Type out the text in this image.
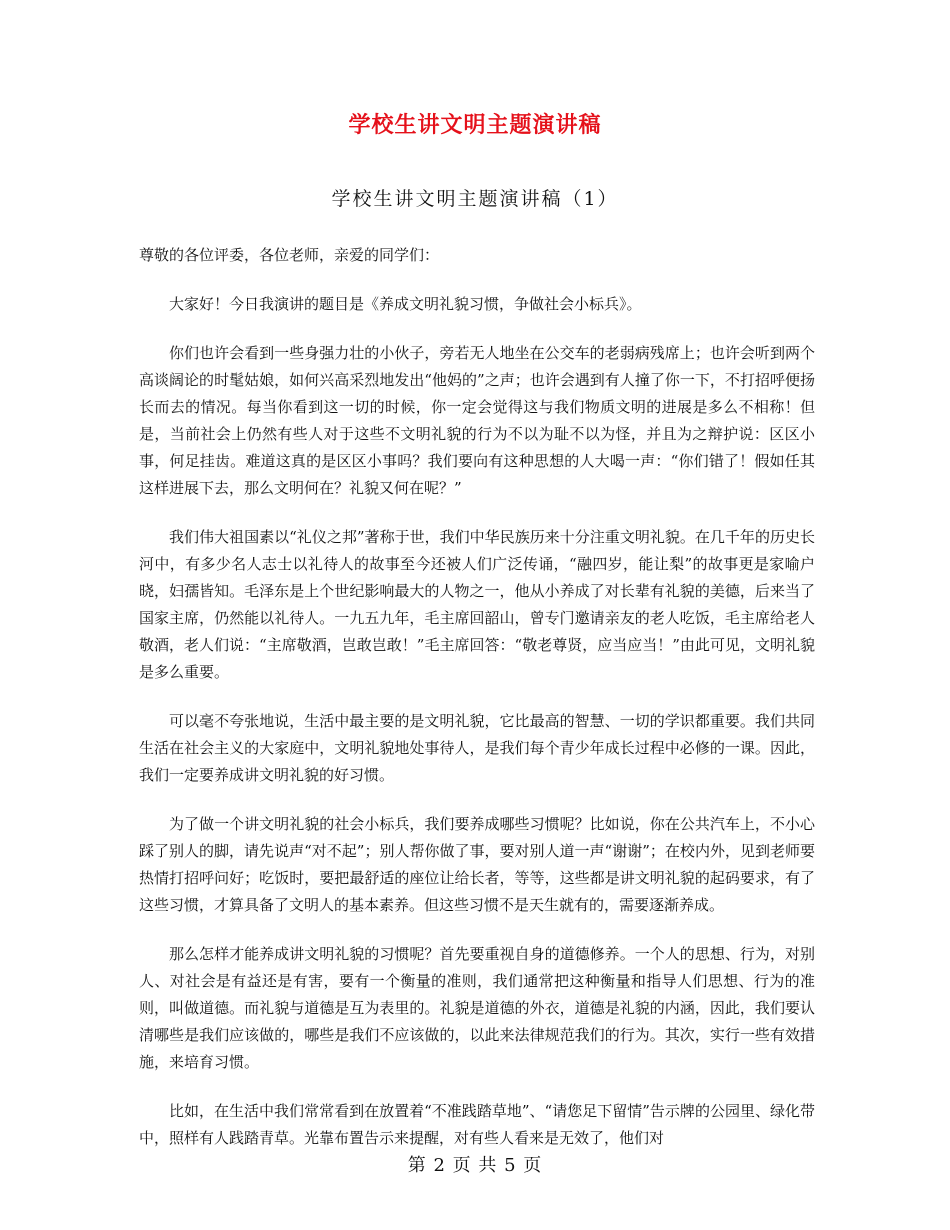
学校生讲文明主题演讲稿
学校生讲文明主题演讲稿（1）

尊敬的各位评委，各位老师，亲爱的同学们：

大家好！今日我演讲的题目是《养成文明礼貌习惯，争做社会小标兵》。

你们也许会看到一些身强力壮的小伙子，旁若无人地坐在公交车的老弱病残席上；也许会听到两个高谈阔论的时髦姑娘，如何兴高采烈地发出“他妈的”之声；也许会遇到有人撞了你一下，不打招呼便扬长而去的情况。每当你看到这一切的时候，你一定会觉得这与我们物质文明的进展是多么不相称！但是，当前社会上仍然有些人对于这些不文明礼貌的行为不以为耻不以为怪，并且为之辩护说：区区小事，何足挂齿。难道这真的是区区小事吗？我们要向有这种思想的人大喝一声：“你们错了！假如任其这样进展下去，那么文明何在？礼貌又何在呢？”

我们伟大祖国素以“礼仪之邦”著称于世，我们中华民族历来十分注重文明礼貌。在几千年的历史长河中，有多少名人志士以礼待人的故事至今还被人们广泛传诵，“融四岁，能让梨”的故事更是家喻户晓，妇孺皆知。毛泽东是上个世纪影响最大的人物之一，他从小养成了对长辈有礼貌的美德，后来当了国家主席，仍然能以礼待人。一九五九年，毛主席回韶山，曾专门邀请亲友的老人吃饭，毛主席给老人敬酒，老人们说：“主席敬酒，岂敢岂敢！”毛主席回答：“敬老尊贤，应当应当！”由此可见，文明礼貌是多么重要。

可以毫不夸张地说，生活中最主要的是文明礼貌，它比最高的智慧、一切的学识都重要。我们共同生活在社会主义的大家庭中，文明礼貌地处事待人，是我们每个青少年成长过程中必修的一课。因此，我们一定要养成讲文明礼貌的好习惯。

为了做一个讲文明礼貌的社会小标兵，我们要养成哪些习惯呢？比如说，你在公共汽车上，不小心踩了别人的脚，请先说声“对不起”；别人帮你做了事，要对别人道一声“谢谢”；在校内外，见到老师要热情打招呼问好；吃饭时，要把最舒适的座位让给长者，等等，这些都是讲文明礼貌的起码要求，有了这些习惯，才算具备了文明人的基本素养。但这些习惯不是天生就有的，需要逐渐养成。

那么怎样才能养成讲文明礼貌的习惯呢？首先要重视自身的道德修养。一个人的思想、行为，对别人、对社会是有益还是有害，要有一个衡量的准则，我们通常把这种衡量和指导人们思想、行为的准则，叫做道德。而礼貌与道德是互为表里的。礼貌是道德的外衣，道德是礼貌的内涵，因此，我们要认清哪些是我们应该做的，哪些是我们不应该做的，以此来法律规范我们的行为。其次，实行一些有效措施，来培育习惯。

比如，在生活中我们常常看到在放置着“不准践踏草地”、“请您足下留情”告示牌的公园里、绿化带中，照样有人践踏青草。光靠布置告示来提醒，对有些人看来是无效了，他们对

第 2 页 共 5 页
